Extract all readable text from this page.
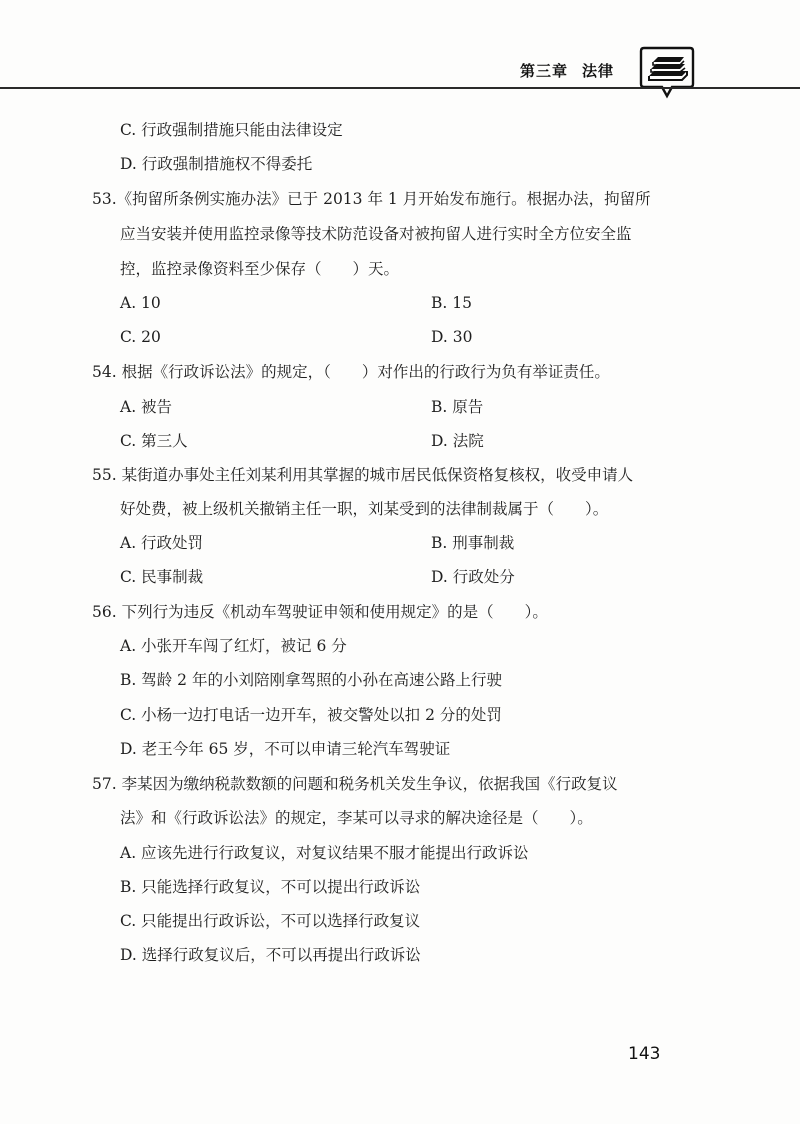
第三章 法律
C. 行政强制措施只能由法律设定
D. 行政强制措施权不得委托
53.《拘留所条例实施办法》已于 2013 年 1 月开始发布施行。根据办法，拘留所
应当安装并使用监控录像等技术防范设备对被拘留人进行实时全方位安全监
控，监控录像资料至少保存（　　）天。
A. 10	B. 15
C. 20	D. 30
54. 根据《行政诉讼法》的规定，（　　）对作出的行政行为负有举证责任。
A. 被告	B. 原告
C. 第三人	D. 法院
55. 某街道办事处主任刘某利用其掌握的城市居民低保资格复核权，收受申请人
好处费，被上级机关撤销主任一职，刘某受到的法律制裁属于（　　）。
A. 行政处罚	B. 刑事制裁
C. 民事制裁	D. 行政处分
56. 下列行为违反《机动车驾驶证申领和使用规定》的是（　　）。
A. 小张开车闯了红灯，被记 6 分
B. 驾龄 2 年的小刘陪刚拿驾照的小孙在高速公路上行驶
C. 小杨一边打电话一边开车，被交警处以扣 2 分的处罚
D. 老王今年 65 岁，不可以申请三轮汽车驾驶证
57. 李某因为缴纳税款数额的问题和税务机关发生争议，依据我国《行政复议
法》和《行政诉讼法》的规定，李某可以寻求的解决途径是（　　）。
A. 应该先进行行政复议，对复议结果不服才能提出行政诉讼
B. 只能选择行政复议，不可以提出行政诉讼
C. 只能提出行政诉讼，不可以选择行政复议
D. 选择行政复议后，不可以再提出行政诉讼
143
